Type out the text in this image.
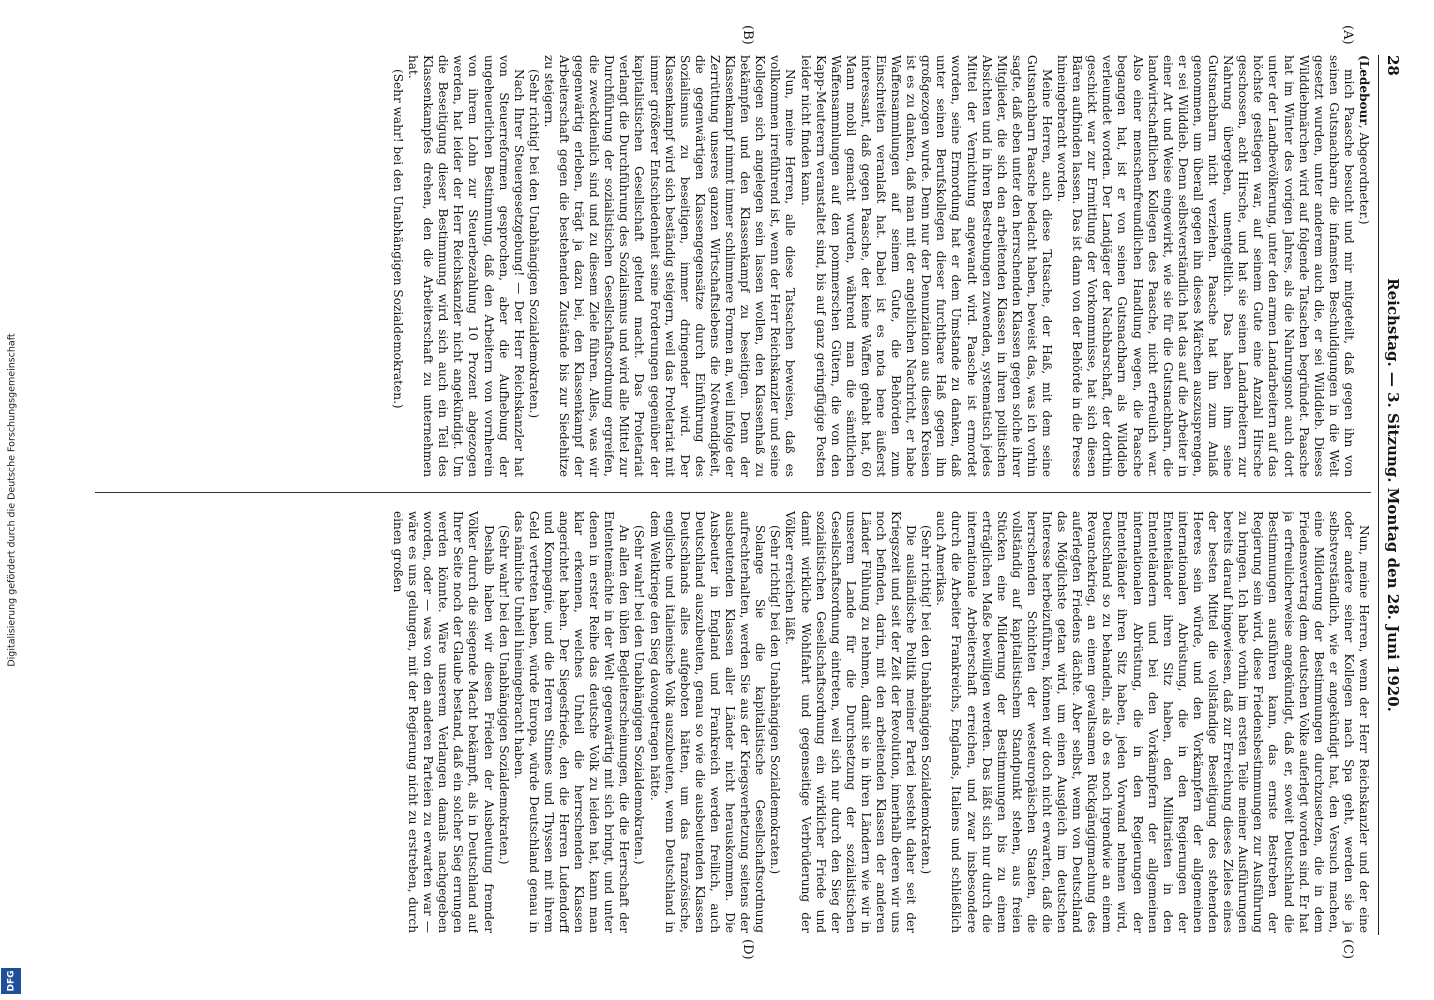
Digitalisierung gefördert durch die Deutsche Forschungsgemeinschaft
DFG
28
Reichstag. — 3. Sitzung. Montag den 28. Juni 1920.

(Ledebour, Abgeordneter.)

mich Paasche besucht und mir mitgeteilt, daß gegen ihn von seinen Gutsnachbarn die infamsten Beschuldigungen in die Welt gesetzt wurden, unter anderem auch die, er sei Wilddieb. Dieses Wilddiebmärchen wird auf folgende Tatsachen begründet. Paasche hat im Winter des vorigen Jahres, als die Nahrungsnot auch dort unter der Landbevölkerung, unter den armen Landarbeitern auf das höchste gestiegen war, auf seinem Gute eine Anzahl Hirsche geschossen, acht Hirsche, und hat sie seinen Landarbeitern zur Nahrung übergeben, unentgeltlich. Das haben ihm seine Gutsnachbarn nicht verziehen. Paasche hat ihn zum Anlaß genommen, um überall gegen ihn dieses Märchen auszusprengen, er sei Wilddieb. Denn selbstverständlich hat das auf die Arbeiter in einer Art und Weise eingewirkt, wie sie für die Gutsnachbarn, die landwirtschaftlichen Kollegen des Paasche, nicht erfreulich war. Also einer menschenfreundlichen Handlung wegen, die Paasche begangen hat, ist er von seinen Gutsnachbarn als Wilddieb verleumdet worden. Der Landjäger der Nachbarschaft, der dorthin geschickt war zur Ermittlung der Vorkommnisse, hat sich diesen Bären aufbinden lassen. Das ist dann von der Behörde in die Presse hineingebracht worden.

Meine Herren, auch diese Tatsache, der Haß, mit dem seine Gutsnachbarn Paasche bedacht haben, beweist das, was ich vorhin sagte, daß eben unter den herrschenden Klassen gegen solche ihrer Mitglieder, die sich den arbeitenden Klassen in ihren politischen Absichten und in ihren Bestrebungen zuwenden, systematisch jedes Mittel der Vernichtung angewandt wird. Paasche ist ermordet worden, seine Ermordung hat er dem Umstande zu danken, daß unter seinen Berufskollegen dieser furchtbare Haß gegen ihn großgezogen wurde. Denn nur der Denunziation aus diesen Kreisen ist es zu danken, daß man mit der angeblichen Nachricht, er habe Waffensammlungen auf seinem Gute, die Behörden zum Einschreiten veranlaßt hat. Dabei ist es nota bene äußerst interessant, daß gegen Paasche, der keine Waffen gehabt hat, 60 Mann mobil gemacht wurden, während man die sämtlichen Waffensammlungen auf den pommerschen Gütern, die von den Kapp-Meuterern veranstaltet sind, bis auf ganz geringfügige Posten leider nicht finden kann.

Nun, meine Herren, alle diese Tatsachen beweisen, daß es vollkommen irreführend ist, wenn der Herr Reichskanzler und seine Kollegen sich angelegen sein lassen wollen, den Klassenhaß zu bekämpfen und den Klassenkampf zu beseitigen. Denn der Klassenkampf nimmt immer schlimmere Formen an, weil infolge der Zerrüttung unseres ganzen Wirtschaftslebens die Notwendigkeit, die gegenwärtigen Klassengegensätze durch Einführung des Sozialismus zu beseitigen, immer dringender wird. Der Klassenkampf wird sich beständig steigern, weil das Proletariat mit immer größerer Entschiedenheit seine Forderungen gegenüber der kapitalistischen Gesellschaft geltend macht. Das Proletariat verlangt die Durchführung des Sozialismus und wird alle Mittel zur Durchführung der sozialistischen Gesellschaftsordnung ergreifen, die zweckdienlich sind und zu diesem Ziele führen. Alles, was wir gegenwärtig erleben, trägt ja dazu bei, den Klassenkampf der Arbeiterschaft gegen die bestehenden Zustände bis zur Siedehitze zu steigern.

(Sehr richtig! bei den Unabhängigen Sozialdemokraten.)

Nach Ihrer Steuergesetzgebung! — Der Herr Reichskanzler hat von Steuerreformen gesprochen, aber die Aufhebung der ungeheuerlichen Bestimmung, daß den Arbeitern von vornherein von ihrem Lohn zur Steuerbezahlung 10 Prozent abgezogen werden, hat leider der Herr Reichskanzler nicht angekündigt. Um die Beseitigung dieser Bestimmung wird sich auch ein Teil des Klassenkampfes drehen, den die Arbeiterschaft zu unternehmen hat.

(Sehr wahr! bei den Unabhängigen Sozialdemokraten.)

Nun, meine Herren, wenn der Herr Reichskanzler und der eine oder andere seiner Kollegen nach Spa geht, werden sie ja selbstverständlich, wie er angekündigt hat, den Versuch machen, eine Milderung der Bestimmungen durchzusetzen, die in dem Friedensvertrag dem deutschen Volke auferlegt worden sind. Er hat ja erfreulicherweise angekündigt, daß er, soweit Deutschland die Bestimmungen ausführen kann, das ernste Bestreben der Regierung sein wird, diese Friedensbestimmungen zur Ausführung zu bringen. Ich habe vorhin im ersten Teile meiner Ausführungen bereits darauf hingewiesen, daß zur Erreichung dieses Zieles eines der besten Mittel die vollständige Beseitigung des stehenden Heeres sein würde, und den Vorkämpfern der allgemeinen internationalen Abrüstung, die in den Regierungen der Ententeländer ihren Sitz haben, den Militaristen in den Ententeländern und bei den Vorkämpfern der allgemeinen internationalen Abrüstung, die in den Regierungen der Ententeländer ihren Sitz haben, jeden Vorwand nehmen wird, Deutschland so zu behandeln, als ob es noch irgendwie an einem Revanchekrieg, an einem gewaltsamen Rückgängigmachung des auferlegten Friedens dächte. Aber selbst, wenn von Deutschland das Möglichste getan wird, um einen Ausgleich im deutschen Interesse herbeizuführen, können wir doch nicht erwarten, daß die herrschenden Schichten der westeuropäischen Staaten, die vollständig auf kapitalistischem Standpunkt stehen, aus freien Stücken eine Milderung der Bestimmungen bis zu einem erträglichen Maße bewilligen werden. Das läßt sich nur durch die internationale Arbeiterschaft erreichen, und zwar insbesondere durch die Arbeiter Frankreichs, Englands, Italiens und schließlich auch Amerikas.

(Sehr richtig! bei den Unabhängigen Sozialdemokraten.)

Die ausländische Politik meiner Partei besteht daher seit der Kriegszeit und seit der Zeit der Revolution, innerhalb deren wir uns noch befinden, darin, mit den arbeitenden Klassen der anderen Länder Fühlung zu nehmen, damit sie in ihren Ländern wie wir in unserem Lande für die Durchsetzung der sozialistischen Gesellschaftsordnung eintreten, weil sich nur durch den Sieg der sozialistischen Gesellschaftsordnung ein wirklicher Friede und damit wirkliche Wohlfahrt und gegenseitige Verbrüderung der Völker erreichen läßt.

(Sehr richtig! bei den Unabhängigen Sozialdemokraten.)

Solange Sie die kapitalistische Gesellschaftsordnung aufrechterhalten, werden Sie aus der Kriegsverhetzung seitens der ausbeutenden Klassen aller Länder nicht herauskommen. Die Ausbeuter in England und Frankreich werden freilich, auch Deutschland auszubeuten, genau so wie die ausbeutenden Klassen Deutschlands alles aufgeboten hätten, um das französische, englische und italienische Volk auszubeuten, wenn Deutschland in dem Weltkriege den Sieg davongetragen hätte.

(Sehr wahr! bei den Unabhängigen Sozialdemokraten.)

An allen den üblen Begleiterscheinungen, die die Herrschaft der Ententemächte in der Welt gegenwärtig mit sich bringt, und unter denen in erster Reihe das deutsche Volk zu leiden hat, kann man klar erkennen, welches Unheil die herrschenden Klassen angerichtet haben. Der Siegesfriede, den die Herren Ludendorff und Kompagnie, und die Herren Stinnes und Thyssen mit ihrem Geld vertreten haben, würde Europa, würde Deutschland genau in das nämliche Unheil hineingebracht haben.

(Sehr wahr! bei den Unabhängigen Sozialdemokraten.)

Deshalb haben wir diesen Frieden der Ausbeutung fremder Völker durch die siegende Macht bekämpft, als in Deutschland auf Ihrer Seite noch der Glaube bestand, daß ein solcher Sieg errungen werden könnte. Wäre unserem Verlangen damals nachgegeben worden, oder — was von den anderen Parteien zu erwarten war — wäre es uns gelungen, mit der Regierung nicht zu erstreben, durch einen großen

(A)
(B)
(C)
(D)
